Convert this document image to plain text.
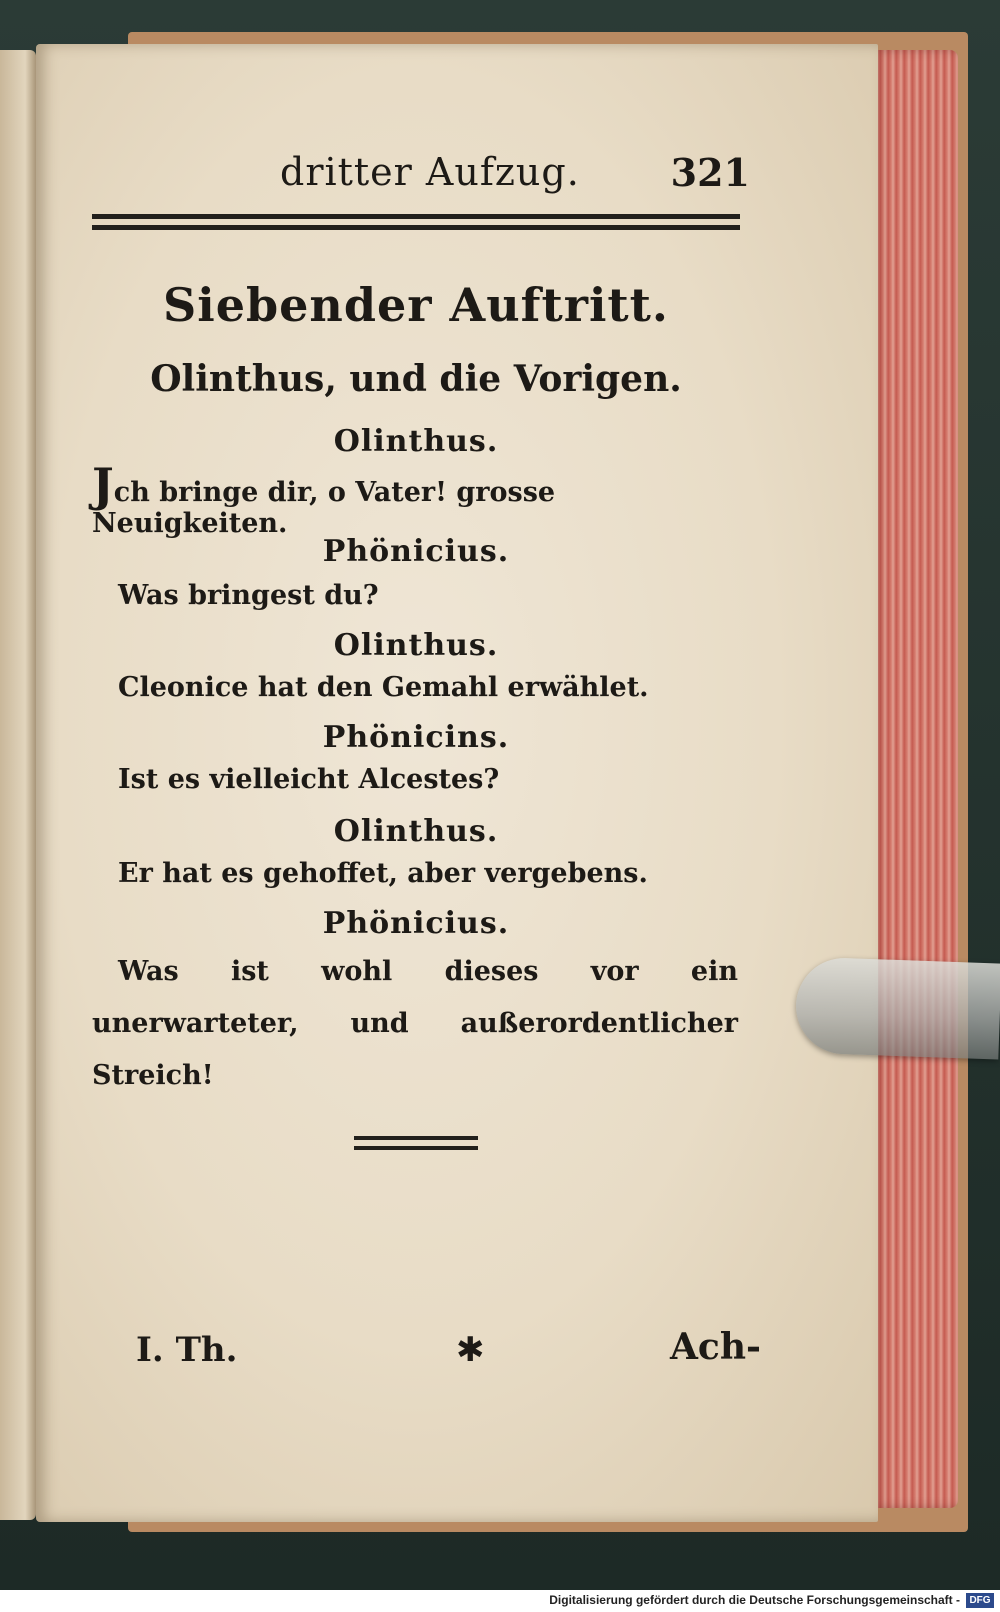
dritter Aufzug. 321
Siebender Auftritt.
Olinthus, und die Vorigen.
Olinthus.
Jch bringe dir, o Vater! grosse Neuigkeiten.
Phönicius.
Was bringest du?
Olinthus.
Cleonice hat den Gemahl erwählet.
Phönicins.
Ist es vielleicht Alcestes?
Olinthus.
Er hat es gehoffet, aber vergebens.
Phönicius.
Was ist wohl dieses vor ein unerwarteter, und außerordentlicher Streich!
I. Th.	✱	Ach-
Digitalisierung gefördert durch die Deutsche Forschungsgemeinschaft - DFG
